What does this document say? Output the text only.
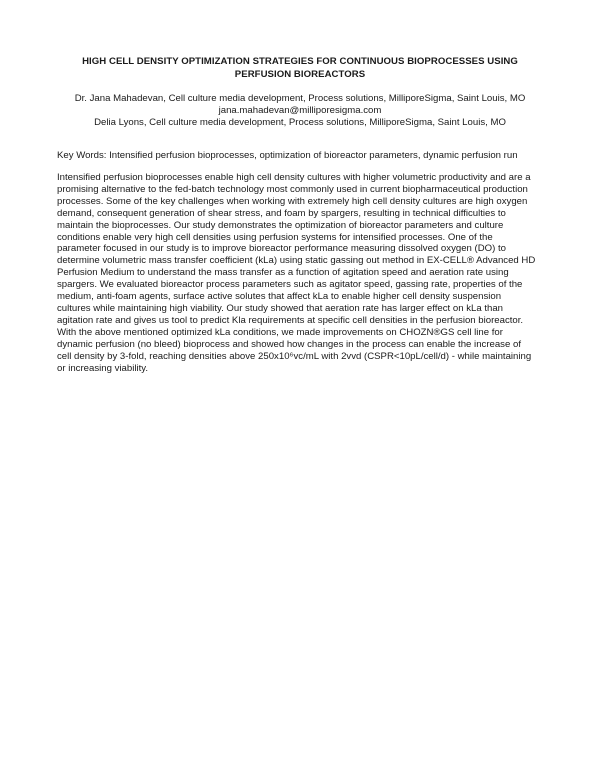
HIGH CELL DENSITY OPTIMIZATION STRATEGIES FOR CONTINUOUS BIOPROCESSES USING
PERFUSION BIOREACTORS
Dr. Jana Mahadevan, Cell culture media development, Process solutions, MilliporeSigma, Saint Louis, MO
jana.mahadevan@milliporesigma.com
Delia Lyons, Cell culture media development, Process solutions, MilliporeSigma, Saint Louis, MO
Key Words: Intensified perfusion bioprocesses, optimization of bioreactor parameters, dynamic perfusion run
Intensified perfusion bioprocesses enable high cell density cultures with higher volumetric productivity and are a
promising alternative to the fed-batch technology most commonly used in current biopharmaceutical production
processes. Some of the key challenges when working with extremely high cell density cultures are high oxygen
demand, consequent generation of shear stress, and foam by spargers, resulting in technical difficulties to
maintain the bioprocesses. Our study demonstrates the optimization of bioreactor parameters and culture
conditions enable very high cell densities using perfusion systems for intensified processes. One of the
parameter focused in our study is to improve bioreactor performance measuring dissolved oxygen (DO) to
determine volumetric mass transfer coefficient (kLa) using static gassing out method in EX-CELL® Advanced HD
Perfusion Medium to understand the mass transfer as a function of agitation speed and aeration rate using
spargers. We evaluated bioreactor process parameters such as agitator speed, gassing rate, properties of the
medium, anti-foam agents, surface active solutes that affect kLa to enable higher cell density suspension
cultures while maintaining high viability. Our study showed that aeration rate has larger effect on kLa than
agitation rate and gives us tool to predict Kla requirements at specific cell densities in the perfusion bioreactor.
With the above mentioned optimized kLa conditions, we made improvements on CHOZN®GS cell line for
dynamic perfusion (no bleed) bioprocess and showed how changes in the process can enable the increase of
cell density by 3-fold, reaching densities above 250x10⁶vc/mL with 2vvd (CSPR<10pL/cell/d) - while maintaining
or increasing viability.
